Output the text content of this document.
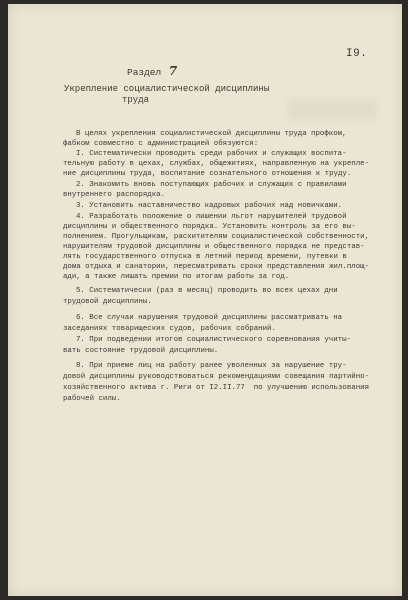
I9.
Раздел 7
Укрепление социалистической дисциплины
труда
В целях укрепления социалистической дисциплины труда профком,
фабком совместно с администрацией обязуются:
I. Систематически проводить среди рабочих и служащих воспита-
тельную работу в цехах, службах, общежитиях, направленную на укрепле-
ние дисциплины труда, воспитание сознательного отношения к труду.
2. Знакомить вновь поступающих рабочих и служащих с правилами
внутреннего распорядка.
3. Установить наставничество кадровых рабочих над новичками.
4. Разработать положение о лишении льгот нарушителей трудовой
дисциплины и общественного порядка. Установить контроль за его вы-
полнением. Прогульщикам, расхитителям социалистической собственности,
нарушителям трудовой дисциплины и общественного порядка не представ-
лять государственного отпуска в летний период времени, путевки в
дома отдыха и санатории, пересматривать сроки представления жил.площ-
ади, а также лишать премии по итогам работы за год.
5. Систематически (раз в месяц) проводить во всех цехах дни
трудовой дисциплины.
6. Все случаи нарушения трудовой дисциплины рассматривать на
заседаниях товарищеских судов, рабочих собраний.
7. При подведении итогов социалистического соревнования учиты-
вать состояние трудовой дисциплины.
8. При приеме лиц на работу ранее уволенных за нарушение тру-
довой дисциплины руководствоваться рекомендациями совещания партийно-
хозяйственного актива г. Риги от I2.II.77  по улучшению использования
рабочей силы.
